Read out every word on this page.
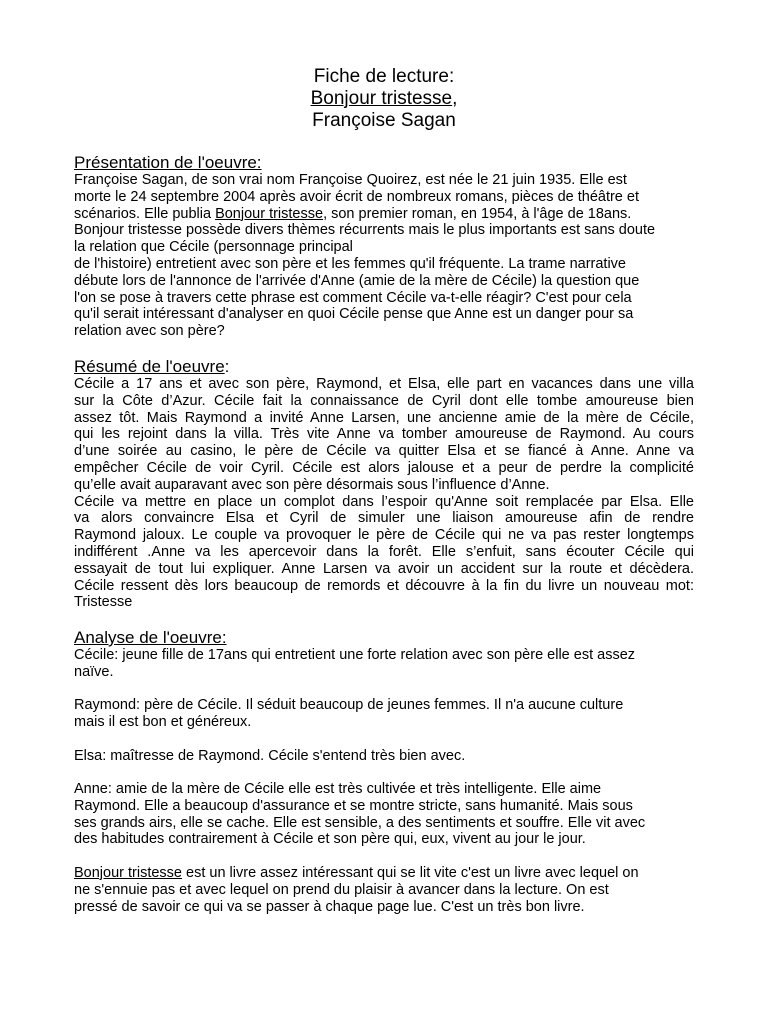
Fiche de lecture:
Bonjour tristesse,
Françoise Sagan
Présentation de l'oeuvre:
Françoise Sagan, de son vrai nom Françoise Quoirez, est née le 21 juin 1935. Elle est
morte le 24 septembre 2004 après avoir écrit de nombreux romans, pièces de théâtre et
scénarios. Elle publia Bonjour tristesse, son premier roman, en 1954, à l'âge de 18ans.
Bonjour tristesse possède divers thèmes récurrents mais le plus importants est sans doute
la relation que Cécile (personnage principal
de l'histoire) entretient avec son père et les femmes qu'il fréquente. La trame narrative
débute lors de l'annonce de l'arrivée d'Anne (amie de la mère de Cécile) la question que
l'on se pose à travers cette phrase est comment Cécile va-t-elle réagir? C'est pour cela
qu'il serait intéressant d'analyser en quoi Cécile pense que Anne est un danger pour sa
relation avec son père?
Résumé de l'oeuvre:
Cécile a 17 ans et avec son père, Raymond, et Elsa, elle part en vacances dans une villa
sur la Côte d’Azur. Cécile fait la connaissance de Cyril dont elle tombe amoureuse bien
assez tôt. Mais Raymond a invité Anne Larsen, une ancienne amie de la mère de Cécile,
qui les rejoint dans la villa. Très vite Anne va tomber amoureuse de Raymond. Au cours
d’une soirée au casino, le père de Cécile va quitter Elsa et se fiancé à Anne. Anne va
empêcher Cécile de voir Cyril. Cécile est alors jalouse et a peur de perdre la complicité
qu’elle avait auparavant avec son père désormais sous l’influence d’Anne.
Cécile va mettre en place un complot dans l’espoir qu'Anne soit remplacée par Elsa. Elle
va alors convaincre Elsa et Cyril de simuler une liaison amoureuse afin de rendre
Raymond jaloux. Le couple va provoquer le père de Cécile qui ne va pas rester longtemps
indifférent .Anne va les apercevoir dans la forêt. Elle s’enfuit, sans écouter Cécile qui
essayait de tout lui expliquer. Anne Larsen va avoir un accident sur la route et décèdera.
Cécile ressent dès lors beaucoup de remords et découvre à la fin du livre un nouveau mot:
Tristesse
Analyse de l'oeuvre:
Cécile: jeune fille de 17ans qui entretient une forte relation avec son père elle est assez
naïve.
Raymond: père de Cécile. Il séduit beaucoup de jeunes femmes. Il n'a aucune culture
mais il est bon et généreux.
Elsa: maîtresse de Raymond. Cécile s'entend très bien avec.
Anne: amie de la mère de Cécile elle est très cultivée et très intelligente. Elle aime
Raymond. Elle a beaucoup d'assurance et se montre stricte, sans humanité. Mais sous
ses grands airs, elle se cache. Elle est sensible, a des sentiments et souffre. Elle vit avec
des habitudes contrairement à Cécile et son père qui, eux, vivent au jour le jour.
Bonjour tristesse est un livre assez intéressant qui se lit vite c'est un livre avec lequel on
ne s'ennuie pas et avec lequel on prend du plaisir à avancer dans la lecture. On est
pressé de savoir ce qui va se passer à chaque page lue. C'est un très bon livre.
